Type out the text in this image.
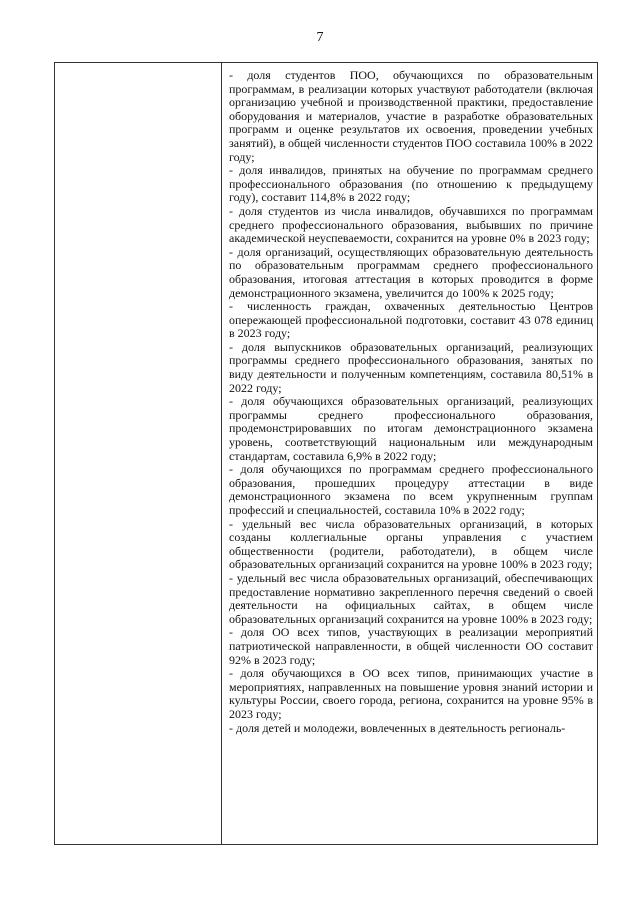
7

- доля студентов ПОО, обучающихся по образовательным программам, в реализации которых участвуют работодатели (включая организацию учебной и производственной практики, предоставление оборудования и материалов, участие в разработке образовательных программ и оценке результатов их освоения, проведении учебных занятий), в общей численности студентов ПОО составила 100% в 2022 году;

- доля инвалидов, принятых на обучение по программам среднего профессионального образования (по отношению к предыдущему году), составит 114,8% в 2022 году;

- доля студентов из числа инвалидов, обучавшихся по программам среднего профессионального образования, выбывших по причине академической неуспеваемости, сохранится на уровне 0% в 2023 году;

- доля организаций, осуществляющих образовательную деятельность по образовательным программам среднего профессионального образования, итоговая аттестация в которых проводится в форме демонстрационного экзамена, увеличится до 100% к 2025 году;

- численность граждан, охваченных деятельностью Центров опережающей профессиональной подготовки, составит 43 078 единиц в 2023 году;

- доля выпускников образовательных организаций, реализующих программы среднего профессионального образования, занятых по виду деятельности и полученным компетенциям, составила 80,51% в 2022 году;

- доля обучающихся образовательных организаций, реализующих программы среднего профессионального образования, продемонстрировавших по итогам демонстрационного экзамена уровень, соответствующий национальным или международным стандартам, составила 6,9% в 2022 году;

- доля обучающихся по программам среднего профессионального образования, прошедших процедуру аттестации в виде демонстрационного экзамена по всем укрупненным группам профессий и специальностей, составила 10% в 2022 году;

- удельный вес числа образовательных организаций, в которых созданы коллегиальные органы управления с участием общественности (родители, работодатели), в общем числе образовательных организаций сохранится на уровне 100% в 2023 году;

- удельный вес числа образовательных организаций, обеспечивающих предоставление нормативно закрепленного перечня сведений о своей деятельности на официальных сайтах, в общем числе образовательных организаций сохранится на уровне 100% в 2023 году;

- доля ОО всех типов, участвующих в реализации мероприятий патриотической направленности, в общей численности ОО составит 92% в 2023 году;

- доля обучающихся в ОО всех типов, принимающих участие в мероприятиях, направленных на повышение уровня знаний истории и культуры России, своего города, региона, сохранится на уровне 95% в 2023 году;

- доля детей и молодежи, вовлеченных в деятельность региональ-
